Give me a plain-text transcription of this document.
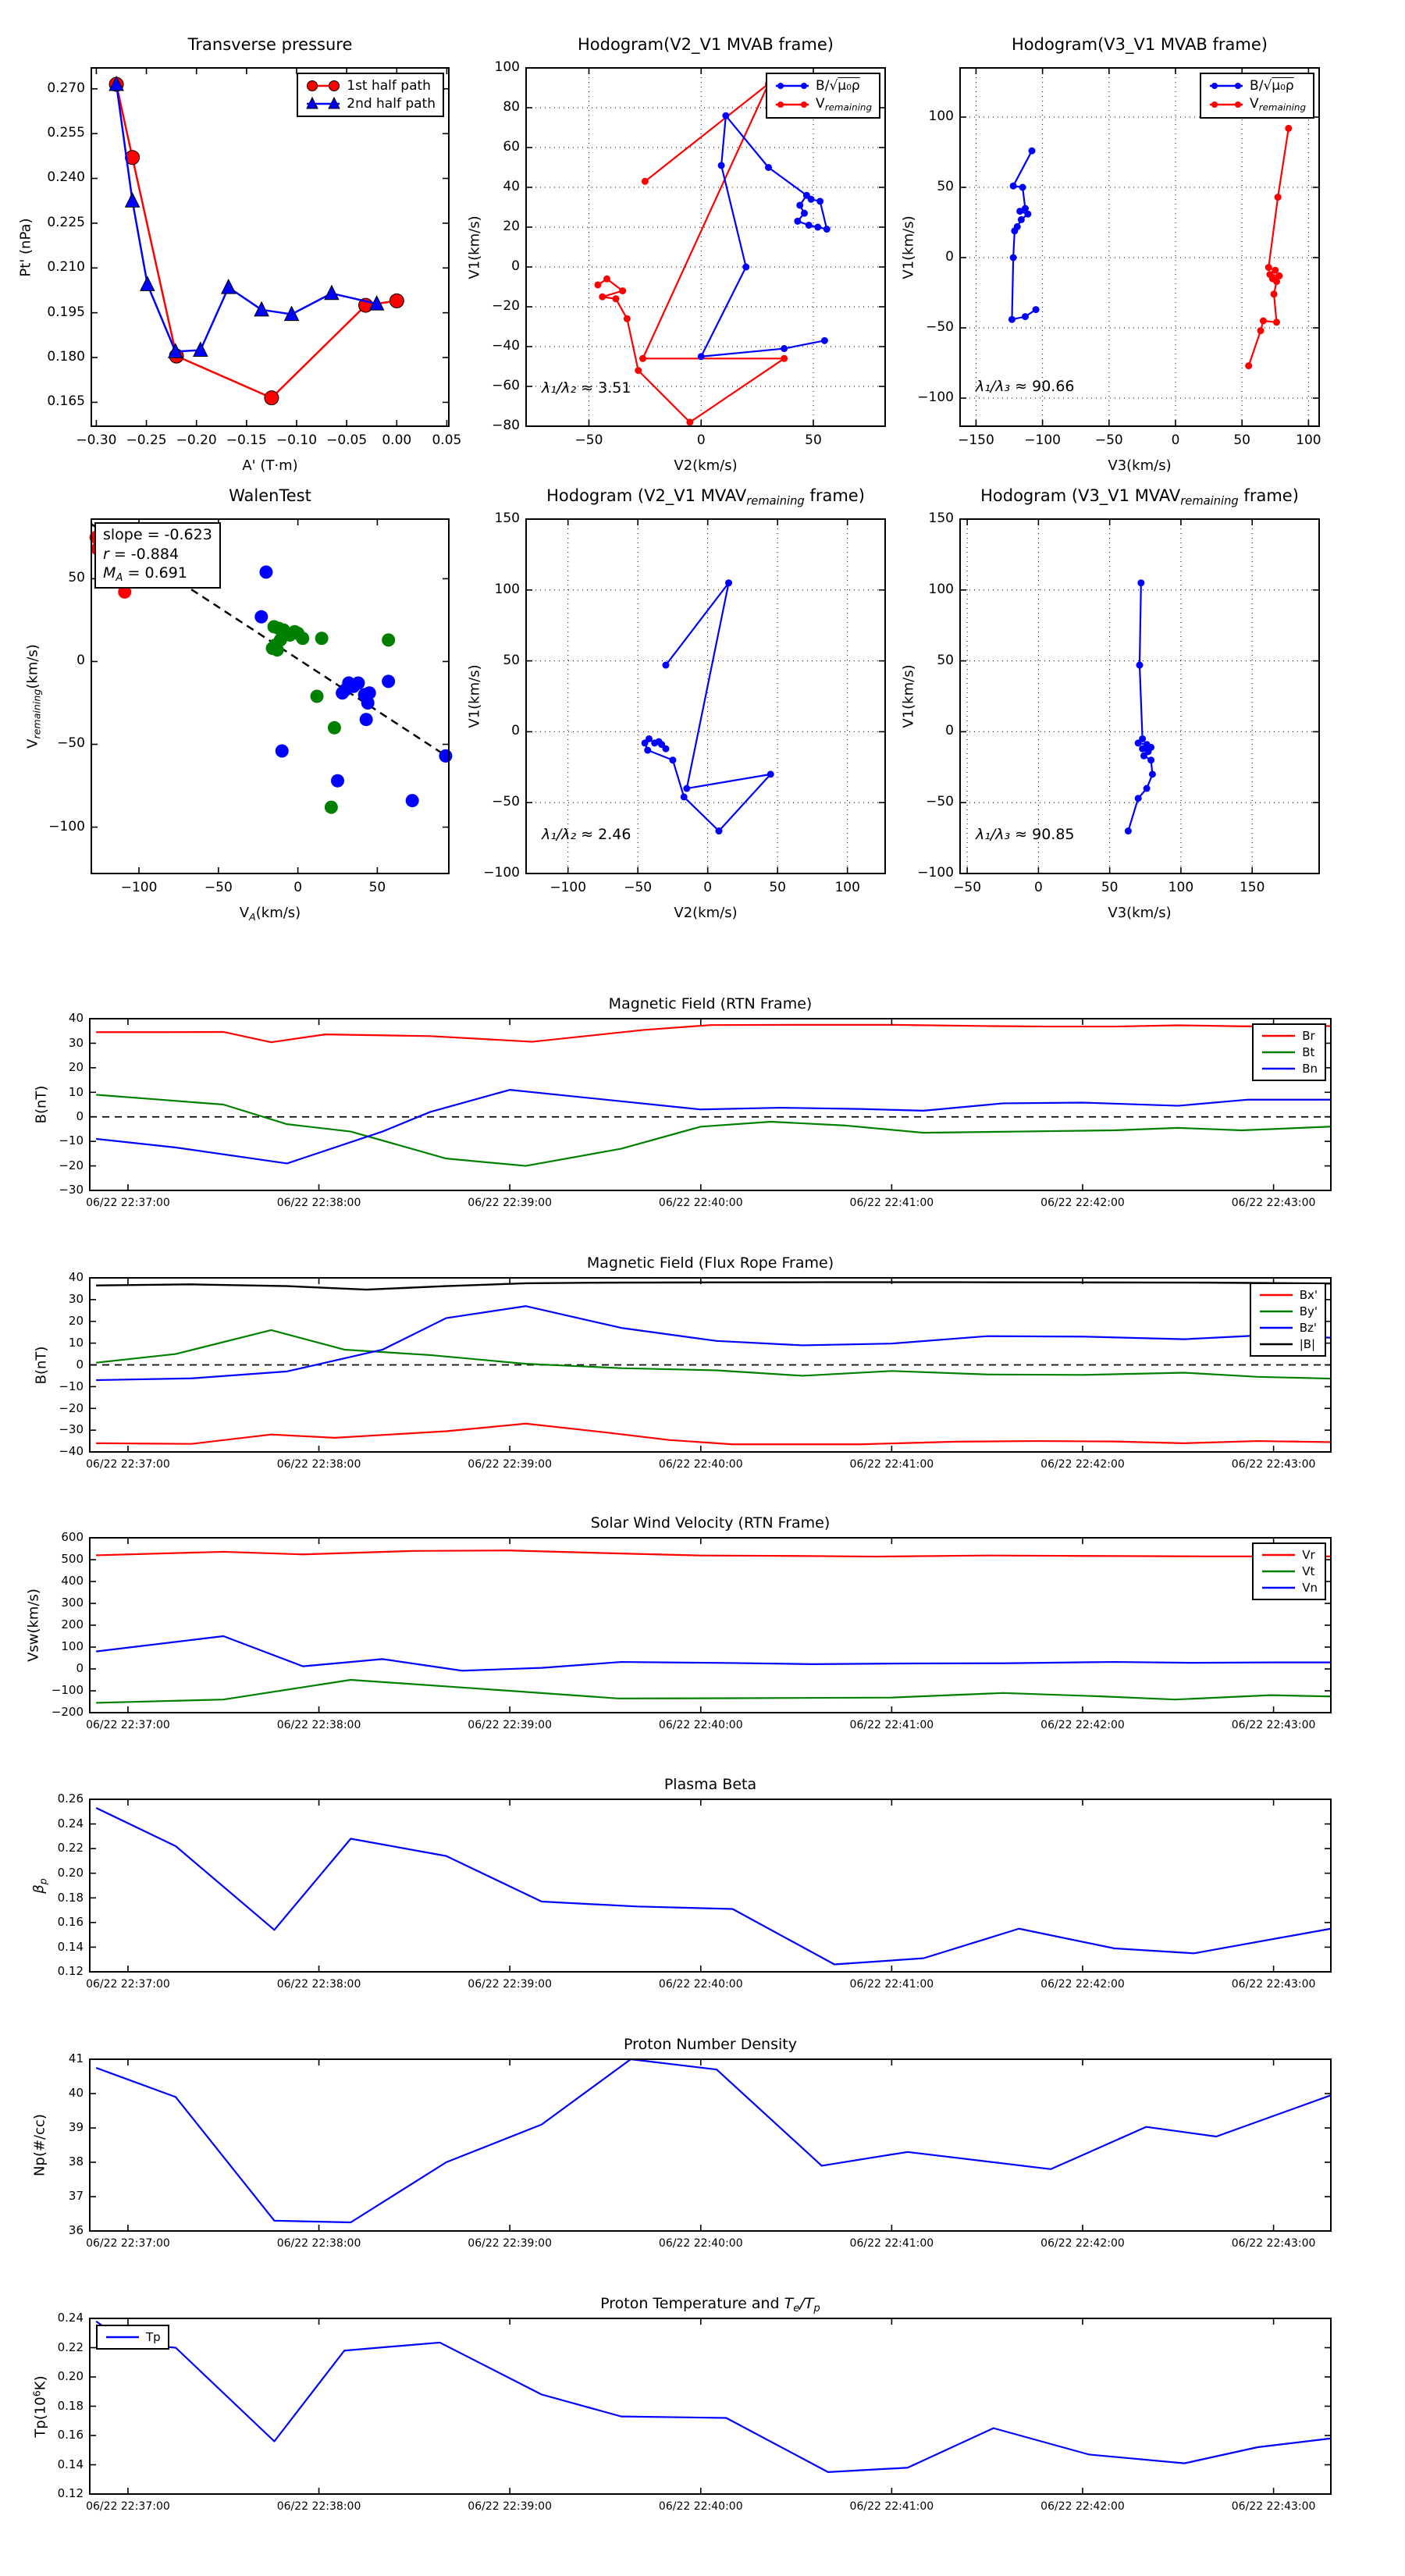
Transverse pressure
−0.30 −0.25 −0.20 −0.15 −0.10 −0.05	0.00	0.05
0.165
0.180
0.195
0.210
0.225
0.240
0.255
0.270
A' (T·m)
Pt' (nPa)
1st half path
2nd half path
Hodogram(V2_V1 MVAB frame)
−50	0	50
−80
−60
−40
−20
0
20
40
60
80
100
V2(km/s)
V1(km/s)
B/√μ₀ρ
$V_{remaining}$
λ₁/λ₂ ≈ 3.51
Hodogram(V3_V1 MVAB frame)
−150	−100	−50	0	50	100
−100
−50
0
50
100
V3(km/s)
V1(km/s)
B/√μ₀ρ
$V_{remaining}$
λ₁/λ₃ ≈ 90.66
WalenTest
−100	−50	0	50
−100
−50
0
50
$V_A(km/s)$
$V_{remaining}(km/s)$
slope = -0.623
r = -0.884
$M_A = 0.691$
Hodogram (V2_V1 $MVAV_{remaining}$ frame)
−100	−50	0	50	100
−100
−50
0
50
100
150
V2(km/s)
V1(km/s)
λ₁/λ₂ ≈ 2.46
Hodogram (V3_V1 $MVAV_{remaining}$ frame)
−50	0	50	100	150
−100
−50
0
50
100
150
V3(km/s)
V1(km/s)
λ₁/λ₃ ≈ 90.85
Magnetic Field (RTN Frame)
06/22 22:37:00	06/22 22:38:00	06/22 22:39:00	06/22 22:40:00	06/22 22:41:00	06/22 22:42:00	06/22 22:43:00
−30
−20
−10
0
10
20
30
40
B(nT)
Br
Bt
Bn
Magnetic Field (Flux Rope Frame)
06/22 22:37:00	06/22 22:38:00	06/22 22:39:00	06/22 22:40:00	06/22 22:41:00	06/22 22:42:00	06/22 22:43:00
−40
−30
−20
−10
0
10
20
30
40
B(nT)
Bx'
By'
Bz'
|B|
Solar Wind Velocity (RTN Frame)
06/22 22:37:00	06/22 22:38:00	06/22 22:39:00	06/22 22:40:00	06/22 22:41:00	06/22 22:42:00	06/22 22:43:00
−200
−100
0
100
200
300
400
500
600
Vsw(km/s)
Vr
Vt
Vn
Plasma Beta
06/22 22:37:00	06/22 22:38:00	06/22 22:39:00	06/22 22:40:00	06/22 22:41:00	06/22 22:42:00	06/22 22:43:00
0.12
0.14
0.16
0.18
0.20
0.22
0.24
0.26
$\beta_p$
Proton Number Density
06/22 22:37:00	06/22 22:38:00	06/22 22:39:00	06/22 22:40:00	06/22 22:41:00	06/22 22:42:00	06/22 22:43:00
36
37
38
39
40
41
Np(#/cc)
Proton Temperature and $T_e/T_p$
06/22 22:37:00	06/22 22:38:00	06/22 22:39:00	06/22 22:40:00	06/22 22:41:00	06/22 22:42:00	06/22 22:43:00
0.12
0.14
0.16
0.18
0.20
0.22
0.24
$Tp(10^6K)$
Tp
